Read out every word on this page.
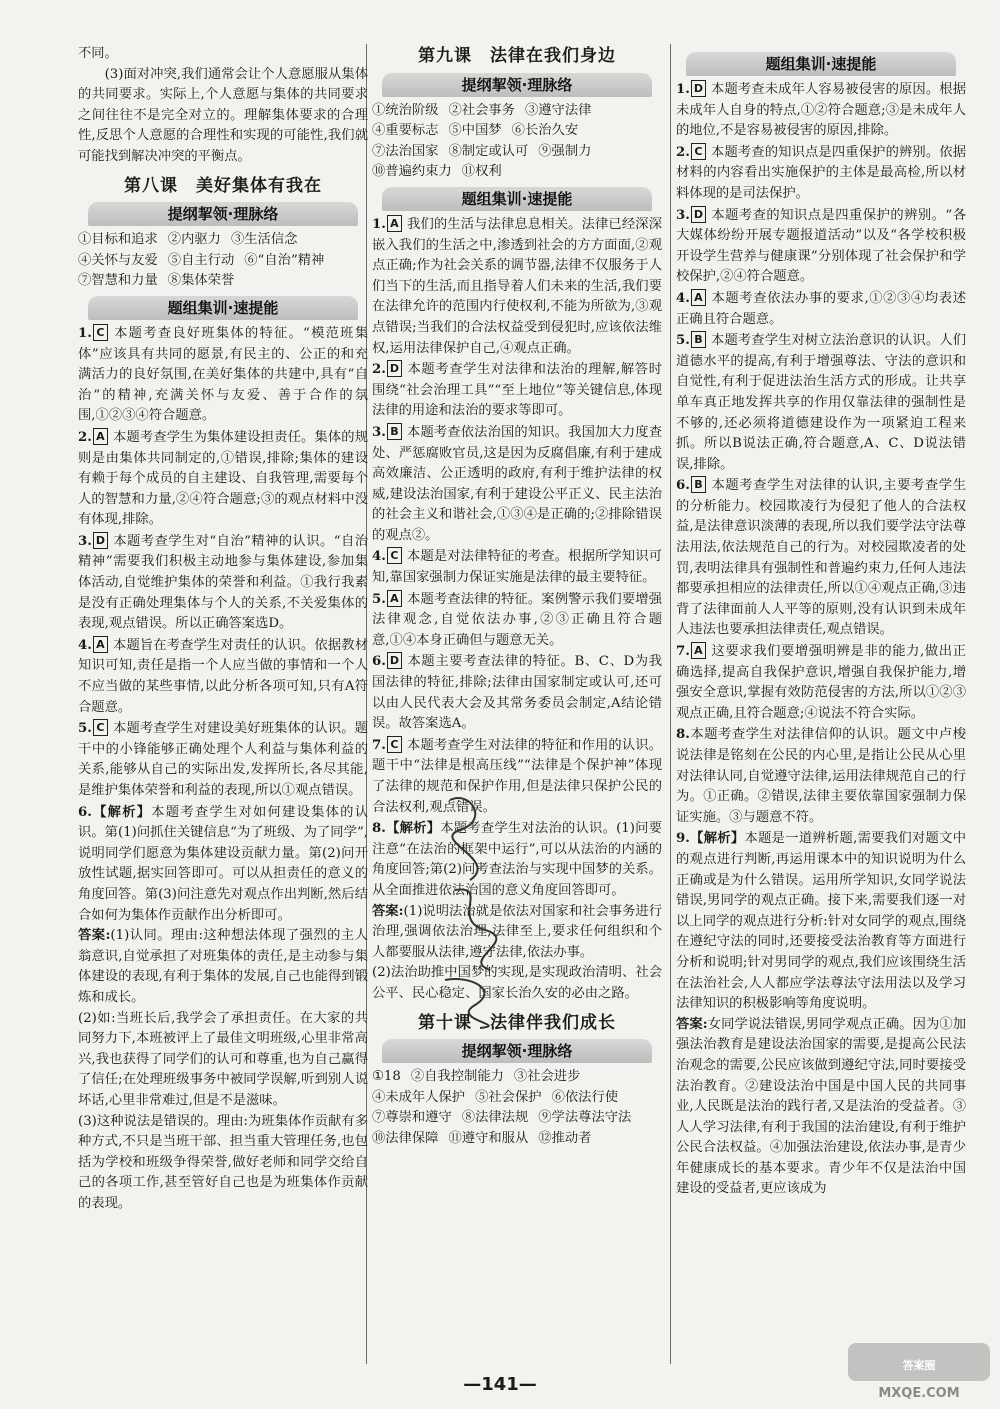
不同。

(3)面对冲突,我们通常会让个人意愿服从集体的共同要求。实际上,个人意愿与集体的共同要求之间往往不是完全对立的。理解集体要求的合理性,反思个人意愿的合理性和实现的可能性,我们就可能找到解决冲突的平衡点。

第八课　美好集体有我在
提纲挈领·理脉络
①目标和追求 ②内驱力 ③生活信念
④关怀与友爱 ⑤自主行动 ⑥“自治”精神
⑦智慧和力量 ⑧集体荣誉
题组集训·速提能

1. C 本题考查良好班集体的特征。“模范班集体”应该具有共同的愿景,有民主的、公正的和充满活力的良好氛围,在美好集体的共建中,具有“自治”的精神,充满关怀与友爱、善于合作的氛围,①②③④符合题意。

2. A 本题考查学生为集体建设担责任。集体的规则是由集体共同制定的,①错误,排除;集体的建设有赖于每个成员的自主建设、自我管理,需要每个人的智慧和力量,②④符合题意;③的观点材料中没有体现,排除。

3. D 本题考查学生对“自治”精神的认识。“自治精神”需要我们积极主动地参与集体建设,参加集体活动,自觉维护集体的荣誉和利益。①我行我素是没有正确处理集体与个人的关系,不关爱集体的表现,观点错误。所以正确答案选D。

4. A 本题旨在考查学生对责任的认识。依据教材知识可知,责任是指一个人应当做的事情和一个人不应当做的某些事情,以此分析各项可知,只有A符合题意。

5. C 本题考查学生对建设美好班集体的认识。题干中的小锋能够正确处理个人利益与集体利益的关系,能够从自己的实际出发,发挥所长,各尽其能,是维护集体荣誉和利益的表现,所以①观点错误。

6.【解析】本题考查学生对如何建设集体的认识。第(1)问抓住关键信息“为了班级、为了同学”,说明同学们愿意为集体建设贡献力量。第(2)问开放性试题,据实回答即可。可以从担责任的意义的角度回答。第(3)问注意先对观点作出判断,然后结合如何为集体作贡献作出分析即可。

答案:(1)认同。理由:这种想法体现了强烈的主人翁意识,自觉承担了对班集体的责任,是主动参与集体建设的表现,有利于集体的发展,自己也能得到锻炼和成长。

(2)如:当班长后,我学会了承担责任。在大家的共同努力下,本班被评上了最佳文明班级,心里非常高兴,我也获得了同学们的认可和尊重,也为自己赢得了信任;在处理班级事务中被同学误解,听到别人说坏话,心里非常难过,但是不是滋味。

(3)这种说法是错误的。理由:为班集体作贡献有多种方式,不只是当班干部、担当重大管理任务,也包括为学校和班级争得荣誉,做好老师和同学交给自己的各项工作,甚至管好自己也是为班集体作贡献的表现。

第九课　法律在我们身边
提纲挈领·理脉络
①统治阶级 ②社会事务 ③遵守法律
④重要标志 ⑤中国梦 ⑥长治久安
⑦法治国家 ⑧制定或认可 ⑨强制力
⑩普遍约束力 ⑪权利
题组集训·速提能

1. A 我们的生活与法律息息相关。法律已经深深嵌入我们的生活之中,渗透到社会的方方面面,②观点正确;作为社会关系的调节器,法律不仅服务于人们当下的生活,而且指导着人们未来的生活,我们要在法律允许的范围内行使权利,不能为所欲为,③观点错误;当我们的合法权益受到侵犯时,应该依法维权,运用法律保护自己,④观点正确。

2. D 本题考查学生对法律和法治的理解,解答时围绕“社会治理工具”“至上地位”等关键信息,体现法律的用途和法治的要求等即可。

3. B 本题考查依法治国的知识。我国加大力度查处、严惩腐败官员,这是因为反腐倡廉,有利于建成高效廉洁、公正透明的政府,有利于维护法律的权威,建设法治国家,有利于建设公平正义、民主法治的社会主义和谐社会,①③④是正确的;②排除错误的观点②。

4. C 本题是对法律特征的考查。根据所学知识可知,靠国家强制力保证实施是法律的最主要特征。

5. A 本题考查法律的特征。案例警示我们要增强法律观念,自觉依法办事,②③正确且符合题意,①④本身正确但与题意无关。

6. D 本题主要考查法律的特征。B、C、D为我国法律的特征,排除;法律由国家制定或认可,还可以由人民代表大会及其常务委员会制定,A结论错误。故答案选A。

7. C 本题考查学生对法律的特征和作用的认识。题干中“法律是根高压线”“法律是个保护神”体现了法律的规范和保护作用,但是法律只保护公民的合法权利,观点错误。

8.【解析】本题考查学生对法治的认识。(1)问要注意“在法治的框架中运行”,可以从法治的内涵的角度回答;第(2)问考查法治与实现中国梦的关系。从全面推进依法治国的意义角度回答即可。

答案:(1)说明法治就是依法对国家和社会事务进行治理,强调依法治理,法律至上,要求任何组织和个人都要服从法律,遵守法律,依法办事。

(2)法治助推中国梦的实现,是实现政治清明、社会公平、民心稳定、国家长治久安的必由之路。

第十课　法律伴我们成长
提纲挈领·理脉络
①18 ②自我控制能力 ③社会进步
④未成年人保护 ⑤社会保护 ⑥依法行使
⑦尊崇和遵守 ⑧法律法规 ⑨学法尊法守法
⑩法律保障 ⑪遵守和服从 ⑫推动者
题组集训·速提能

1. D 本题考查未成年人容易被侵害的原因。根据未成年人自身的特点,①②符合题意;③是未成年人的地位,不是容易被侵害的原因,排除。

2. C 本题考查的知识点是四重保护的辨别。依据材料的内容看出实施保护的主体是最高检,所以材料体现的是司法保护。

3. D 本题考查的知识点是四重保护的辨别。“各大媒体纷纷开展专题报道活动”以及“各学校积极开设学生营养与健康课”分别体现了社会保护和学校保护,②④符合题意。

4. A 本题考查依法办事的要求,①②③④均表述正确且符合题意。

5. B 本题考查学生对树立法治意识的认识。人们道德水平的提高,有利于增强尊法、守法的意识和自觉性,有利于促进法治生活方式的形成。让共享单车真正地发挥共享的作用仅靠法律的强制性是不够的,还必须将道德建设作为一项紧迫工程来抓。所以B说法正确,符合题意,A、C、D说法错误,排除。

6. B 本题考查学生对法律的认识,主要考查学生的分析能力。校园欺凌行为侵犯了他人的合法权益,是法律意识淡薄的表现,所以我们要学法守法尊法用法,依法规范自己的行为。对校园欺凌者的处罚,表明法律具有强制性和普遍约束力,任何人违法都要承担相应的法律责任,所以①④观点正确,③违背了法律面前人人平等的原则,没有认识到未成年人违法也要承担法律责任,观点错误。

7. A 这要求我们要增强明辨是非的能力,做出正确选择,提高自我保护意识,增强自我保护能力,增强安全意识,掌握有效防范侵害的方法,所以①②③观点正确,且符合题意;④说法不符合实际。

8.本题考查学生对法律信仰的认识。题文中卢梭说法律是铭刻在公民的内心里,是指让公民从心里对法律认同,自觉遵守法律,运用法律规范自己的行为。①正确。②错误,法律主要依靠国家强制力保证实施。③与题意不符。

9.【解析】本题是一道辨析题,需要我们对题文中的观点进行判断,再运用课本中的知识说明为什么正确或是为什么错误。运用所学知识,女同学说法错误,男同学的观点正确。接下来,需要我们逐一对以上同学的观点进行分析:针对女同学的观点,围绕在遵纪守法的同时,还要接受法治教育等方面进行分析和说明;针对男同学的观点,我们应该围绕生活在法治社会,人人都应学法尊法守法用法以及学习法律知识的积极影响等角度说明。

答案:女同学说法错误,男同学观点正确。因为①加强法治教育是建设法治国家的需要,是提高公民法治观念的需要,公民应该做到遵纪守法,同时要接受法治教育。②建设法治中国是中国人民的共同事业,人民既是法治的践行者,又是法治的受益者。③人人学习法律,有利于我国的法治建设,有利于维护公民合法权益。④加强法治建设,依法办事,是青少年健康成长的基本要求。青少年不仅是法治中国建设的受益者,更应该成为

—141—
答案圈
MXQE.COM
